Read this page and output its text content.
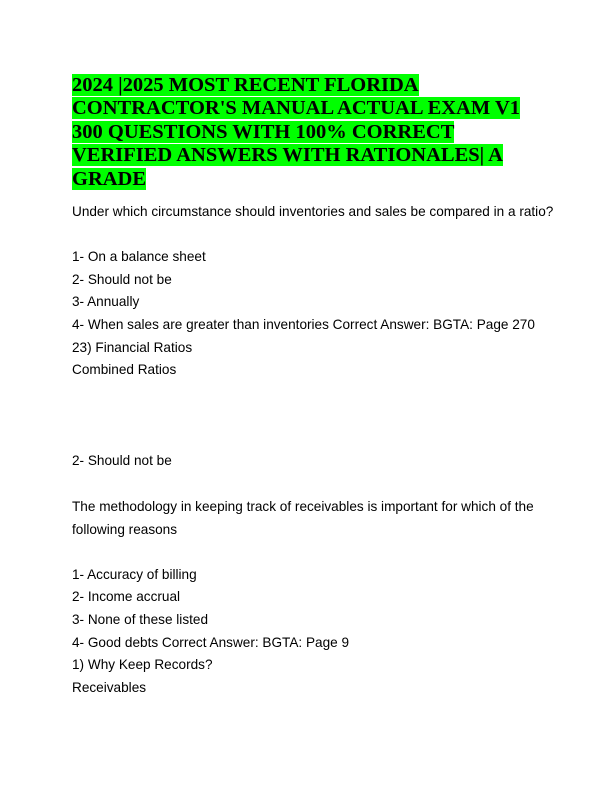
2024 |2025 MOST RECENT FLORIDA
CONTRACTOR'S MANUAL ACTUAL EXAM V1
300 QUESTIONS WITH 100% CORRECT
VERIFIED ANSWERS WITH RATIONALES| A
GRADE
Under which circumstance should inventories and sales be compared in a ratio?
1- On a balance sheet
2- Should not be
3- Annually
4- When sales are greater than inventories Correct Answer: BGTA: Page 270
23) Financial Ratios
Combined Ratios
2- Should not be
The methodology in keeping track of receivables is important for which of the
following reasons
1- Accuracy of billing
2- Income accrual
3- None of these listed
4- Good debts Correct Answer: BGTA: Page 9
1) Why Keep Records?
Receivables
